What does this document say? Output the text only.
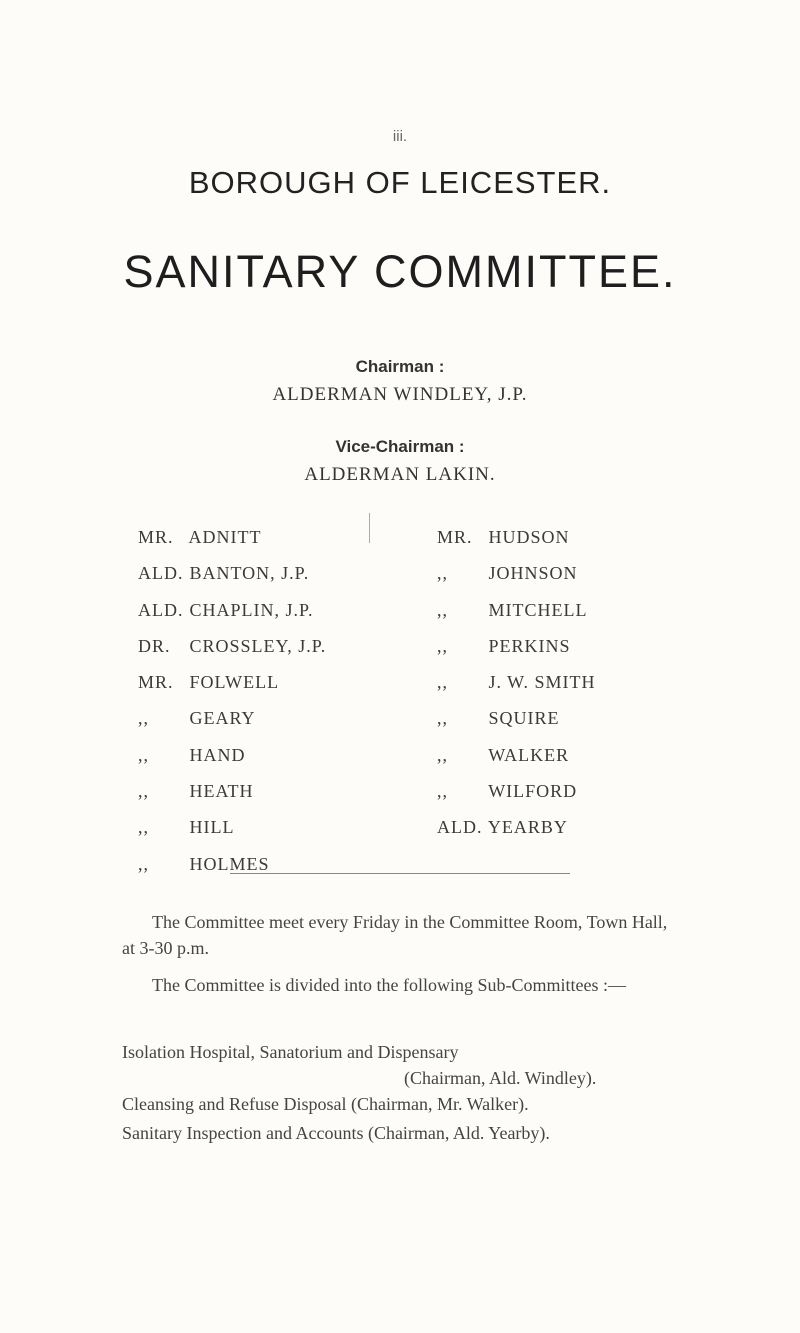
iii.
BOROUGH OF LEICESTER.
SANITARY COMMITTEE.
Chairman :
ALDERMAN WINDLEY, J.P.
Vice-Chairman :
ALDERMAN LAKIN.
MR. ADNITT
ALD. BANTON, J.P.
ALD. CHAPLIN, J.P.
DR. CROSSLEY, J.P.
MR. FOLWELL
,, GEARY
,, HAND
,, HEATH
,, HILL
,, HOLMES
MR. HUDSON
,, JOHNSON
,, MITCHELL
,, PERKINS
,, J. W. SMITH
,, SQUIRE
,, WALKER
,, WILFORD
ALD. YEARBY

The Committee meet every Friday in the Committee Room, Town Hall, at 3-30 p.m.

The Committee is divided into the following Sub-Committees :—

Isolation Hospital, Sanatorium and Dispensary
(Chairman, Ald. Windley).
Cleansing and Refuse Disposal (Chairman, Mr. Walker).
Sanitary Inspection and Accounts (Chairman, Ald. Yearby).
